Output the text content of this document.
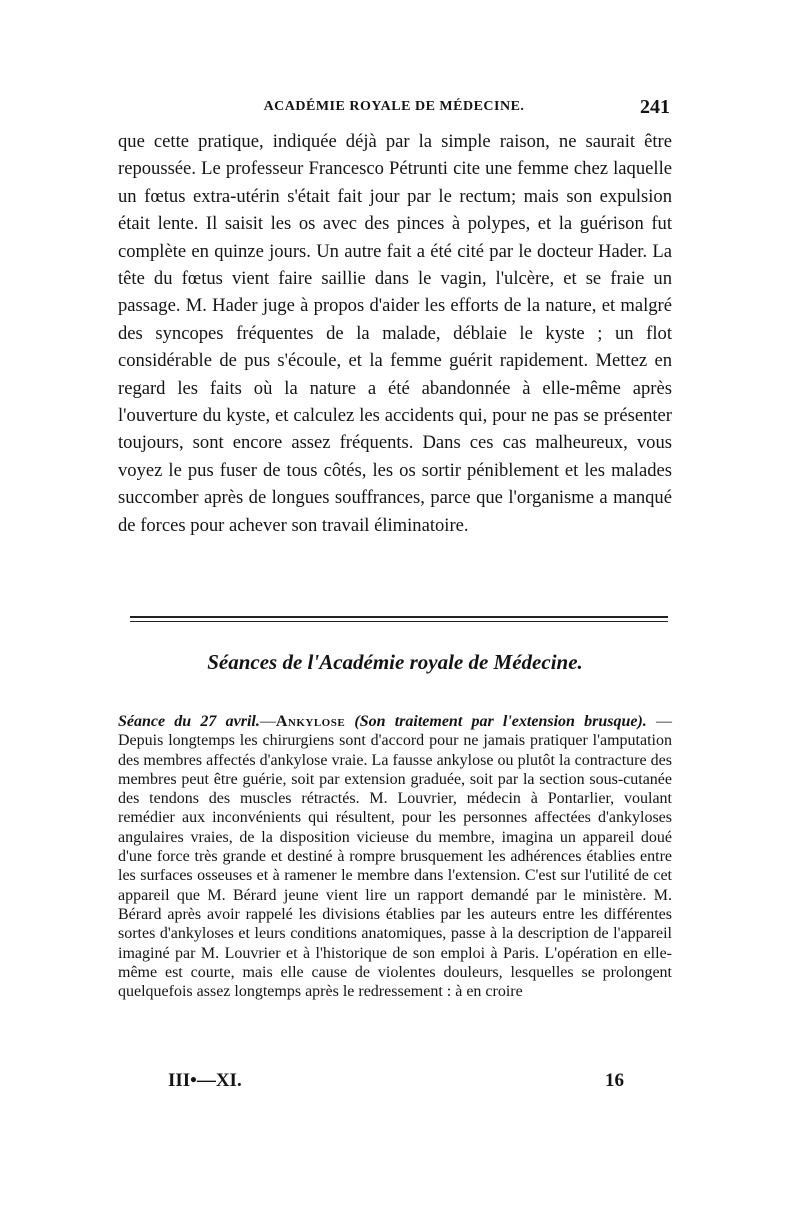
ACADÉMIE ROYALE DE MÉDECINE.	241

que cette pratique, indiquée déjà par la simple raison, ne saurait être repoussée. Le professeur Francesco Pétrunti cite une femme chez laquelle un fœtus extra-utérin s'était fait jour par le rectum; mais son expulsion était lente. Il saisit les os avec des pinces à polypes, et la guérison fut complète en quinze jours. Un autre fait a été cité par le docteur Hader. La tête du fœtus vient faire saillie dans le vagin, l'ulcère, et se fraie un passage. M. Hader juge à propos d'aider les efforts de la nature, et malgré des syncopes fréquentes de la malade, déblaie le kyste ; un flot considérable de pus s'écoule, et la femme guérit rapidement. Mettez en regard les faits où la nature a été abandonnée à elle-même après l'ouverture du kyste, et calculez les accidents qui, pour ne pas se présenter toujours, sont encore assez fréquents. Dans ces cas malheureux, vous voyez le pus fuser de tous côtés, les os sortir péniblement et les malades succomber après de longues souffrances, parce que l'organisme a manqué de forces pour achever son travail éliminatoire.

Séances de l'Académie royale de Médecine.

Séance du 27 avril.—Ankylose (Son traitement par l'extension brusque). — Depuis longtemps les chirurgiens sont d'accord pour ne jamais pratiquer l'amputation des membres affectés d'ankylose vraie. La fausse ankylose ou plutôt la contracture des membres peut être guérie, soit par extension graduée, soit par la section sous-cutanée des tendons des muscles rétractés. M. Louvrier, médecin à Pontarlier, voulant remédier aux inconvénients qui résultent, pour les personnes affectées d'ankyloses angulaires vraies, de la disposition vicieuse du membre, imagina un appareil doué d'une force très grande et destiné à rompre brusquement les adhérences établies entre les surfaces osseuses et à ramener le membre dans l'extension. C'est sur l'utilité de cet appareil que M. Bérard jeune vient lire un rapport demandé par le ministère. M. Bérard après avoir rappelé les divisions établies par les auteurs entre les différentes sortes d'ankyloses et leurs conditions anatomiques, passe à la description de l'appareil imaginé par M. Louvrier et à l'historique de son emploi à Paris. L'opération en elle-même est courte, mais elle cause de violentes douleurs, lesquelles se prolongent quelquefois assez longtemps après le redressement : à en croire

III•—XI.	16
